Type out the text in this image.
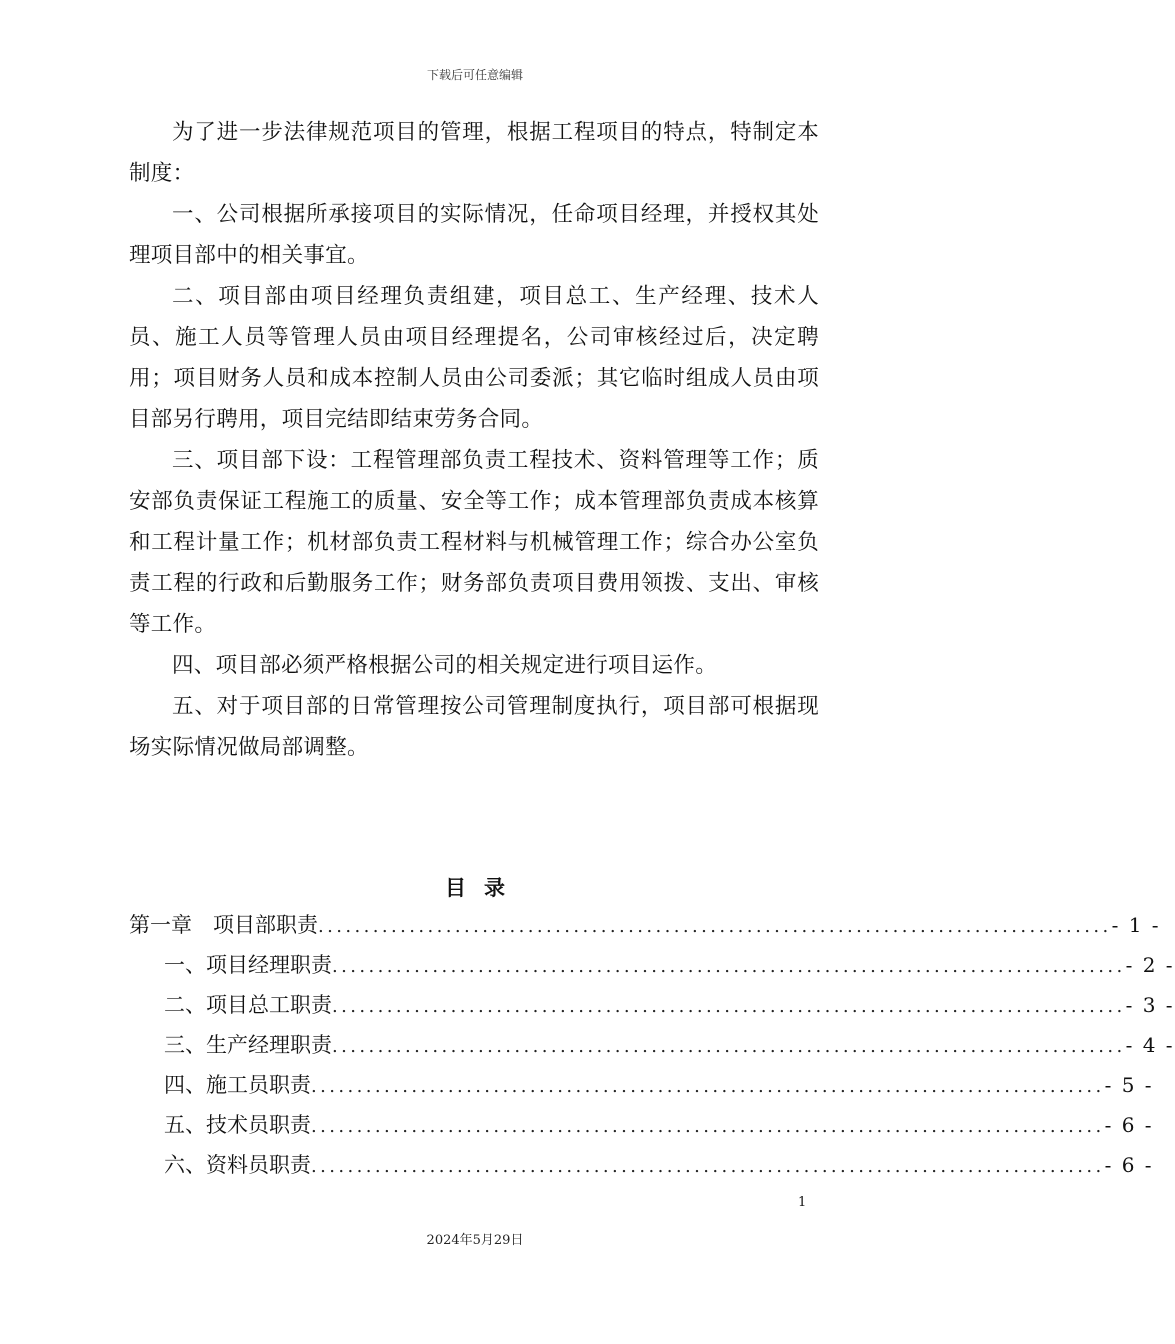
下载后可任意编辑

为了进一步法律规范项目的管理，根据工程项目的特点，特制定本制度：

一、公司根据所承接项目的实际情况，任命项目经理，并授权其处理项目部中的相关事宜。

二、项目部由项目经理负责组建，项目总工、生产经理、技术人员、施工人员等管理人员由项目经理提名，公司审核经过后，决定聘用；项目财务人员和成本控制人员由公司委派；其它临时组成人员由项目部另行聘用，项目完结即结束劳务合同。

三、项目部下设：工程管理部负责工程技术、资料管理等工作；质安部负责保证工程施工的质量、安全等工作；成本管理部负责成本核算和工程计量工作；机材部负责工程材料与机械管理工作；综合办公室负责工程的行政和后勤服务工作；财务部负责项目费用领拨、支出、审核等工作。

四、项目部必须严格根据公司的相关规定进行项目运作。

五、对于项目部的日常管理按公司管理制度执行，项目部可根据现场实际情况做局部调整。

目录
第一章　项目部职责 ....................................................................................... - 1 -
一、项目经理职责 ....................................................................................... - 2 -
二、项目总工职责 ....................................................................................... - 3 -
三、生产经理职责 ....................................................................................... - 4 -
四、施工员职责 ....................................................................................... - 5 -
五、技术员职责 ....................................................................................... - 6 -
六、资料员职责 ....................................................................................... - 6 -
1
2024年5月29日
